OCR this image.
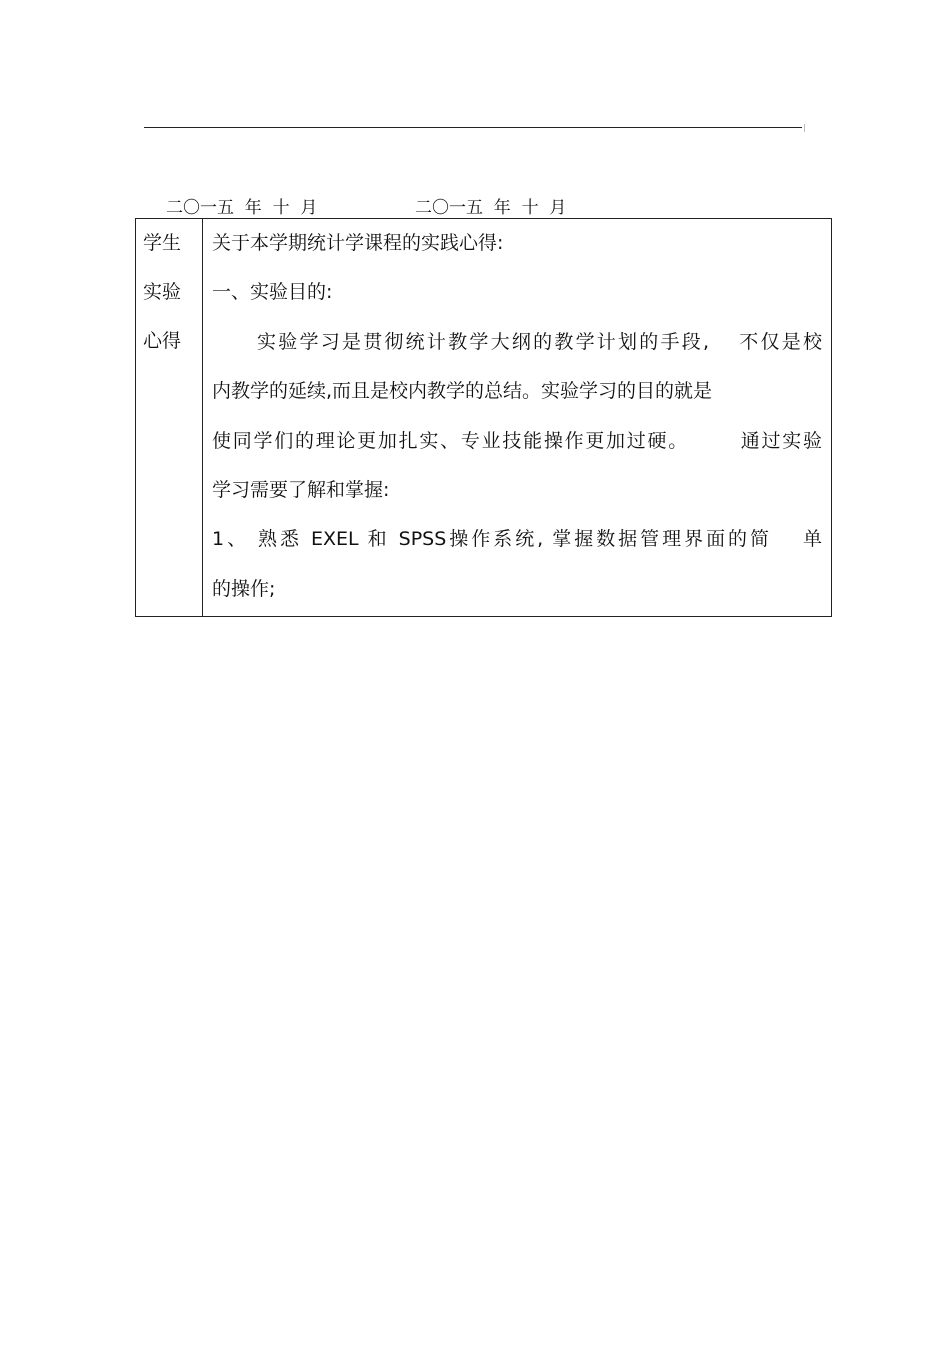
二〇一五  年  十  月	二〇一五  年  十  月
学生
实验
心得

关于本学期统计学课程的实践心得:
一、实验目的:
实验学习是贯彻统计教学大纲的教学计划的手段, 不仅是校
内教学的延续,而且是校内教学的总结。实验学习的目的就是
使同学们的理论更加扎实、专业技能操作更加过硬。	通过实验
学习需要了解和掌握:
1、 熟悉 EXEL 和 SPSS操作系统, 掌握数据管理界面的简 单
的操作;
